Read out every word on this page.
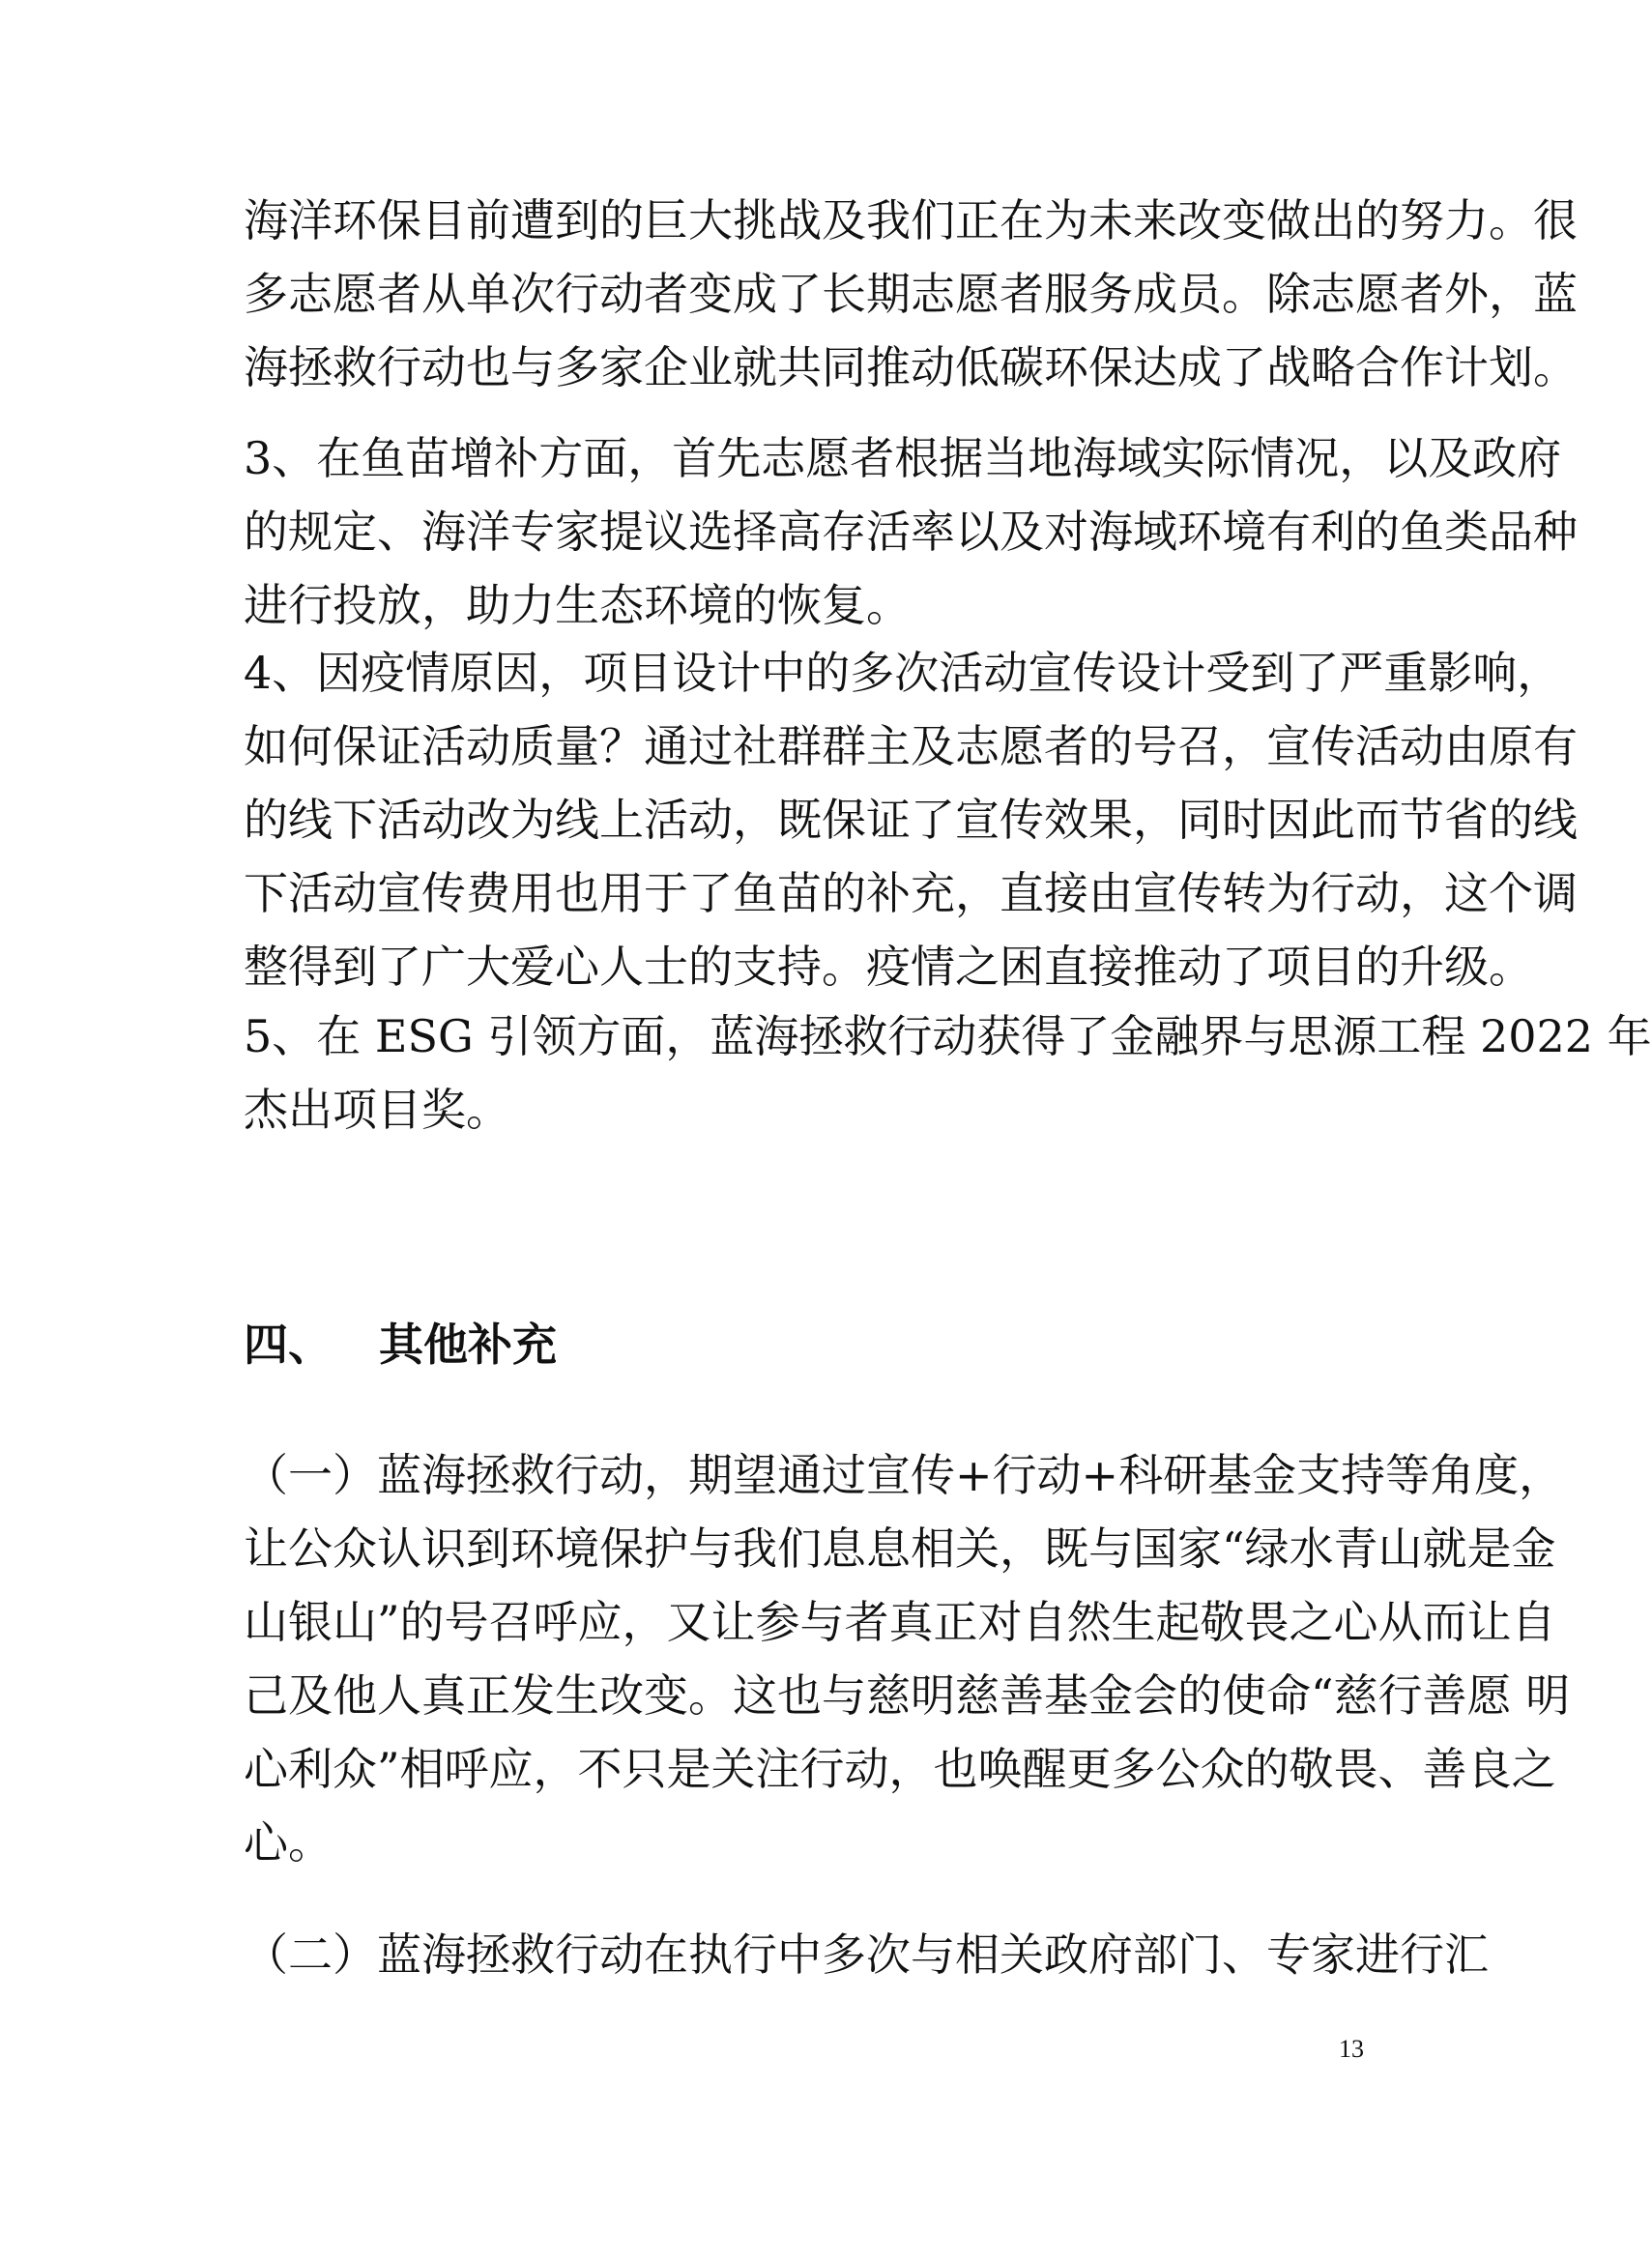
海洋环保目前遭到的巨大挑战及我们正在为未来改变做出的努力。很
多志愿者从单次行动者变成了长期志愿者服务成员。除志愿者外，蓝
海拯救行动也与多家企业就共同推动低碳环保达成了战略合作计划。
3、在鱼苗增补方面，首先志愿者根据当地海域实际情况，以及政府
的规定、海洋专家提议选择高存活率以及对海域环境有利的鱼类品种
进行投放，助力生态环境的恢复。
4、因疫情原因，项目设计中的多次活动宣传设计受到了严重影响，
如何保证活动质量？通过社群群主及志愿者的号召，宣传活动由原有
的线下活动改为线上活动，既保证了宣传效果，同时因此而节省的线
下活动宣传费用也用于了鱼苗的补充，直接由宣传转为行动，这个调
整得到了广大爱心人士的支持。疫情之困直接推动了项目的升级。
5、在 ESG 引领方面，蓝海拯救行动获得了金融界与思源工程 2022 年
杰出项目奖。
四、 其他补充
（一）蓝海拯救行动，期望通过宣传+行动+科研基金支持等角度，
让公众认识到环境保护与我们息息相关，既与国家“绿水青山就是金
山银山”的号召呼应，又让参与者真正对自然生起敬畏之心从而让自
己及他人真正发生改变。这也与慈明慈善基金会的使命“慈行善愿 明
心利众”相呼应，不只是关注行动，也唤醒更多公众的敬畏、善良之
心。
（二）蓝海拯救行动在执行中多次与相关政府部门、专家进行汇
13
